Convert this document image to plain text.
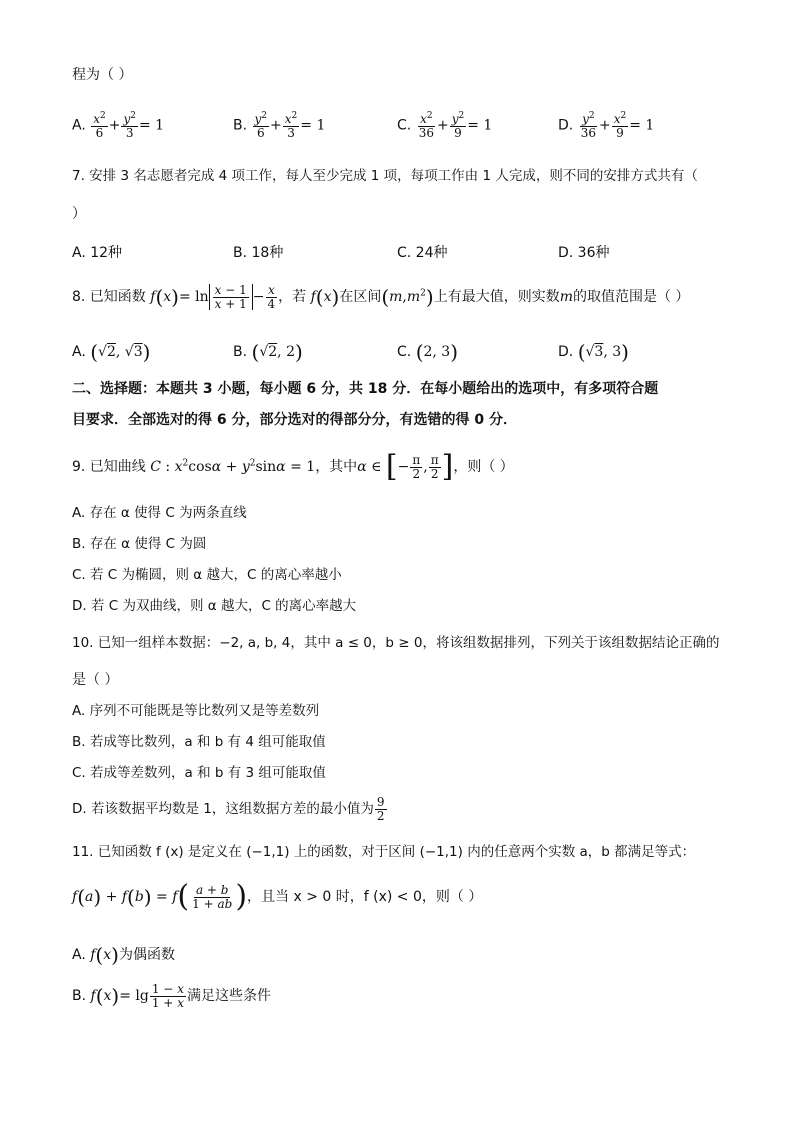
程为（ ）
A. $\frac{x^2}{6} + \frac{y^2}{3} = 1$	B. $\frac{y^2}{6} + \frac{x^2}{3} = 1$	C. $\frac{x^2}{36} + \frac{y^2}{9} = 1$	D. $\frac{y^2}{36} + \frac{x^2}{9} = 1$
7. 安排 3 名志愿者完成 4 项工作，每人至少完成 1 项，每项工作由 1 人完成，则不同的安排方式共有（
）
A. 12种	B. 18种	C. 24种	D. 36种
8. 已知函数 $f(x)= \ln \frac{x - 1}{x + 1} - \frac{x}{4}$ ，若 f(x)在区间$(m,m^2)$上有最大值，则实数m的取值范围是（ ）
A. (√2, √3)	B. (√2, 2)	C. (2, 3)	D. (√3, 3)
二、选择题：本题共 3 小题，每小题 6 分，共 18 分．在每小题给出的选项中，有多项符合题
目要求．全部选对的得 6 分，部分选对的得部分分，有选错的得 0 分．
9. 已知曲线 C : $x^2\cos\alpha + y^2\sin\alpha = 1$，其中α ∈ [− $\frac{\pi}{2}$ , $\frac{\pi}{2}$ ]，则（ ）
A. 存在 α 使得 C 为两条直线
B. 存在 α 使得 C 为圆
C. 若 C 为椭圆，则 α 越大，C 的离心率越小
D. 若 C 为双曲线，则 α 越大，C 的离心率越大
10. 已知一组样本数据：−2, a, b, 4，其中 a ≤ 0，b ≥ 0，将该组数据排列，下列关于该组数据结论正确的
是（ ）
A. 序列不可能既是等比数列又是等差数列
B. 若成等比数列，a 和 b 有 4 组可能取值
C. 若成等差数列，a 和 b 有 3 组可能取值
D. 若该数据平均数是 1，这组数据方差的最小值为 $\frac{9}{2}$
11. 已知函数 f (x) 是定义在 (−1,1) 上的函数，对于区间 (−1,1) 内的任意两个实数 a，b 都满足等式：
$f(a) + f(b) = f( \frac{a + b}{1 + ab}$ )，且当 x > 0 时，f (x) < 0，则（ ）
A. f(x)为偶函数
B. $f(x)= \lg \frac{1 - x}{1 + x}$ 满足这些条件
